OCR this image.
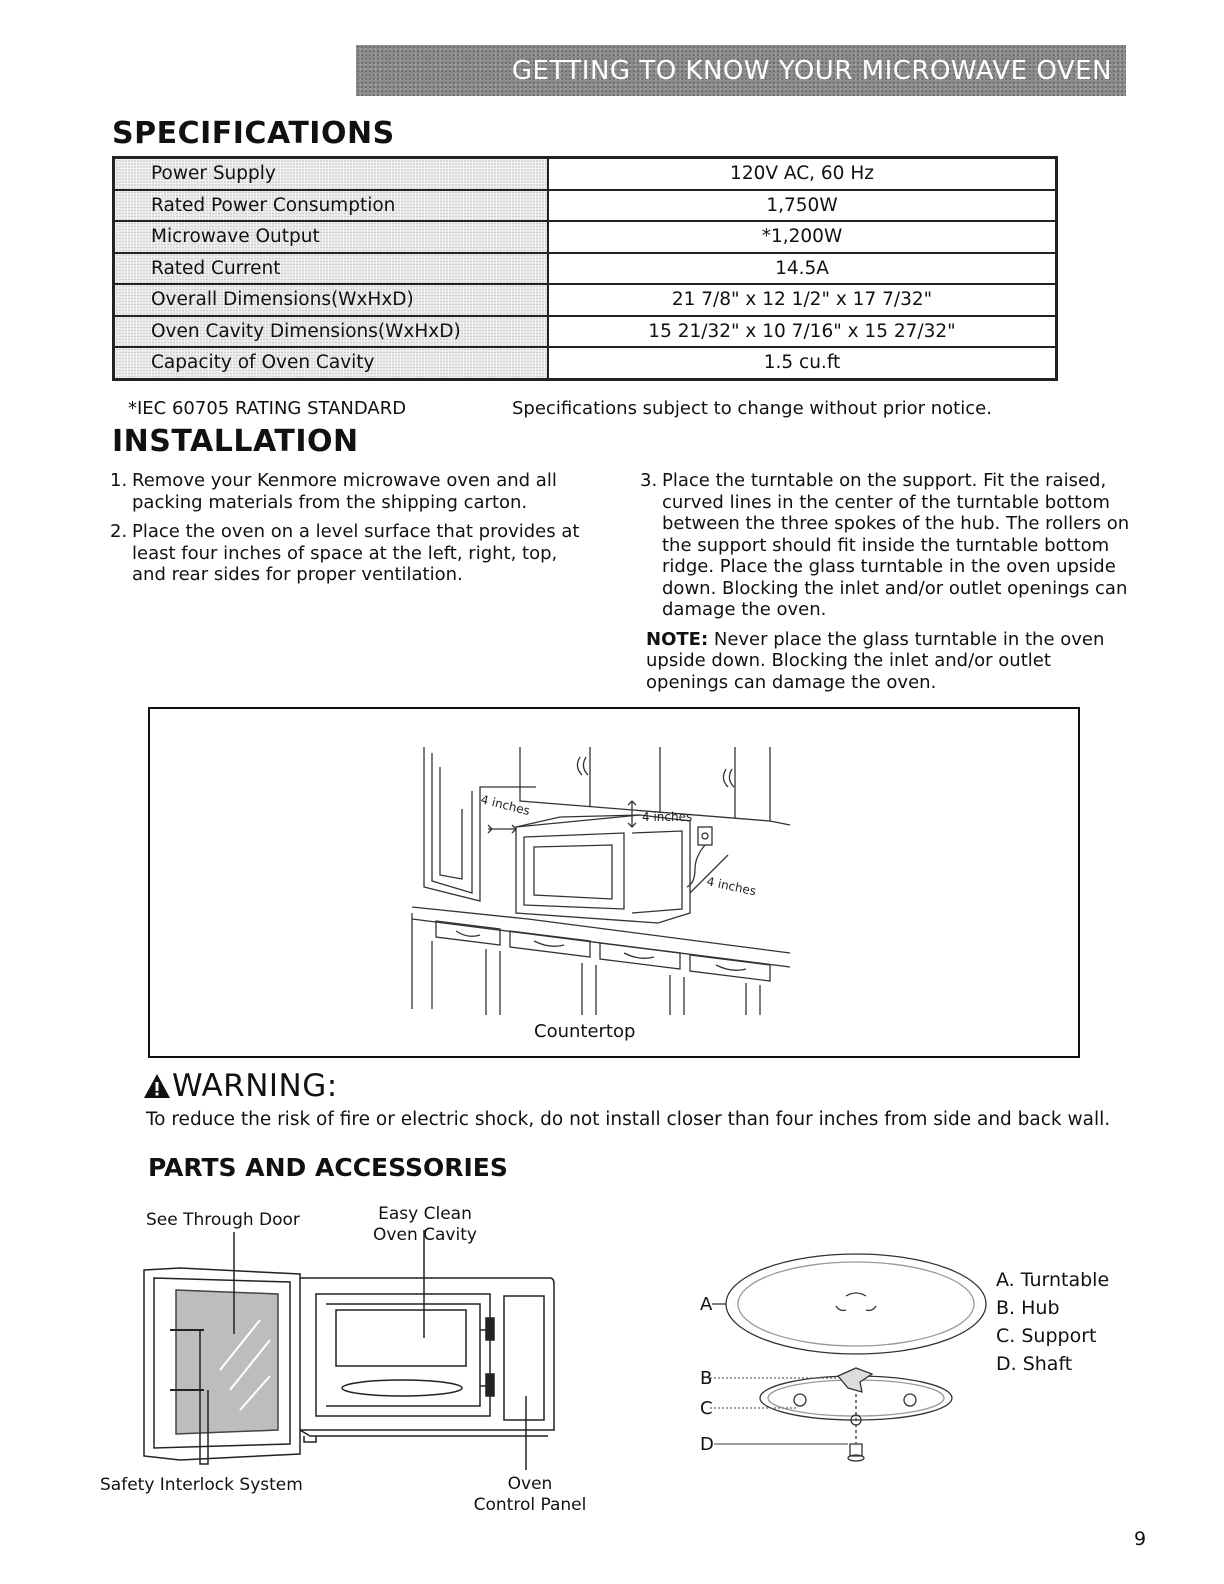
GETTING TO KNOW YOUR MICROWAVE OVEN
SPECIFICATIONS
Power Supply	120V AC, 60 Hz
Rated Power Consumption	1,750W
Microwave Output	*1,200W
Rated Current	14.5A
Overall Dimensions(WxHxD)	21 7/8" x 12 1/2" x 17 7/32"
Oven Cavity Dimensions(WxHxD)	15 21/32" x 10 7/16" x 15 27/32"
Capacity of Oven Cavity	1.5 cu.ft
*IEC 60705 RATING STANDARD	Specifications subject to change without prior notice.
INSTALLATION
1. Remove your Kenmore microwave oven and all packing materials from the shipping carton.
2. Place the oven on a level surface that provides at least four inches of space at the left, right, top, and rear sides for proper ventilation.
3. Place the turntable on the support. Fit the raised, curved lines in the center of the turntable bottom between the three spokes of the hub. The rollers on the support should fit inside the turntable bottom ridge. Place the glass turntable in the oven upside down. Blocking the inlet and/or outlet openings can damage the oven.
NOTE: Never place the glass turntable in the oven upside down. Blocking the inlet and/or outlet openings can damage the oven.
4 inches	4 inches
4 inches
Countertop
WARNING:
To reduce the risk of fire or electric shock, do not install closer than four inches from side and back wall.
PARTS AND ACCESSORIES
See Through Door	Easy Clean
Oven Cavity
Safety Interlock System	Oven
Control Panel
A
B
C
D
A. Turntable
B. Hub
C. Support
D. Shaft
9
